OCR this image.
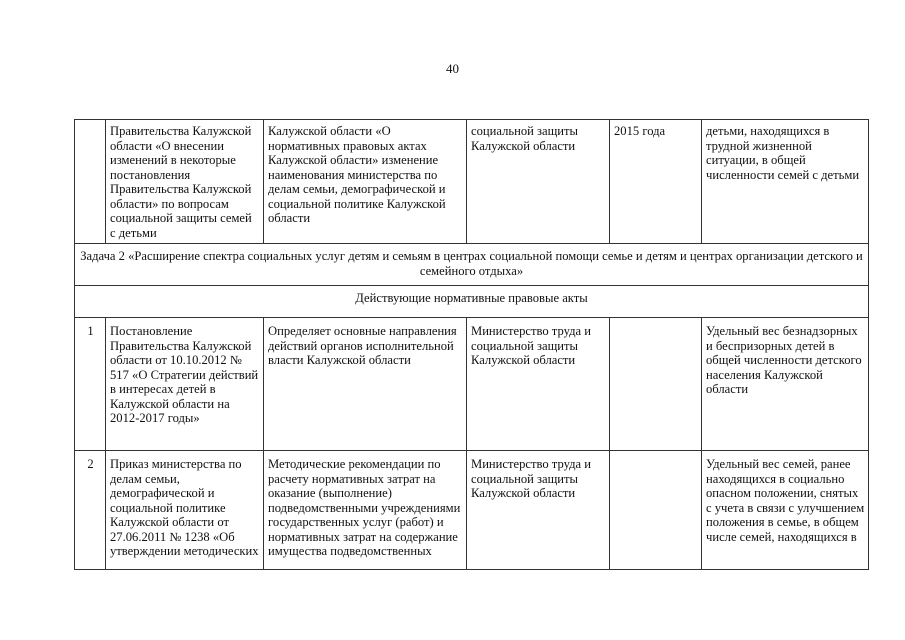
40
	Правительства Калужской области «О внесении изменений в некоторые постановления Правительства Калужской области» по вопросам социальной защиты семей с детьми	Калужской области «О нормативных правовых актах Калужской области» изменение наименования министерства по делам семьи, демографической и социальной политике Калужской области	социальной защиты Калужской области	2015 года	детьми, находящихся в трудной жизненной ситуации, в общей численности семей с детьми
Задача 2 «Расширение спектра социальных услуг детям и семьям в центрах социальной помощи семье и детям и центрах организации детского и семейного отдыха»					
Действующие нормативные правовые акты					
1	Постановление Правительства Калужской области от 10.10.2012 № 517 «О Стратегии действий в интересах детей в Калужской области на 2012-2017 годы»	Определяет основные направления действий органов исполнительной власти Калужской области	Министерство труда и социальной защиты Калужской области		Удельный вес безнадзорных и беспризорных детей в общей численности детского населения Калужской области
2	Приказ министерства по делам семьи, демографической и социальной политике Калужской области от 27.06.2011 № 1238 «Об утверждении методических	Методические рекомендации по расчету нормативных затрат на оказание (выполнение) подведомственными учреждениями государственных услуг (работ) и нормативных затрат на содержание имущества подведомственных	Министерство труда и социальной защиты Калужской области		Удельный вес семей, ранее находящихся в социально опасном положении, снятых с учета в связи с улучшением положения в семье, в общем числе семей, находящихся в
